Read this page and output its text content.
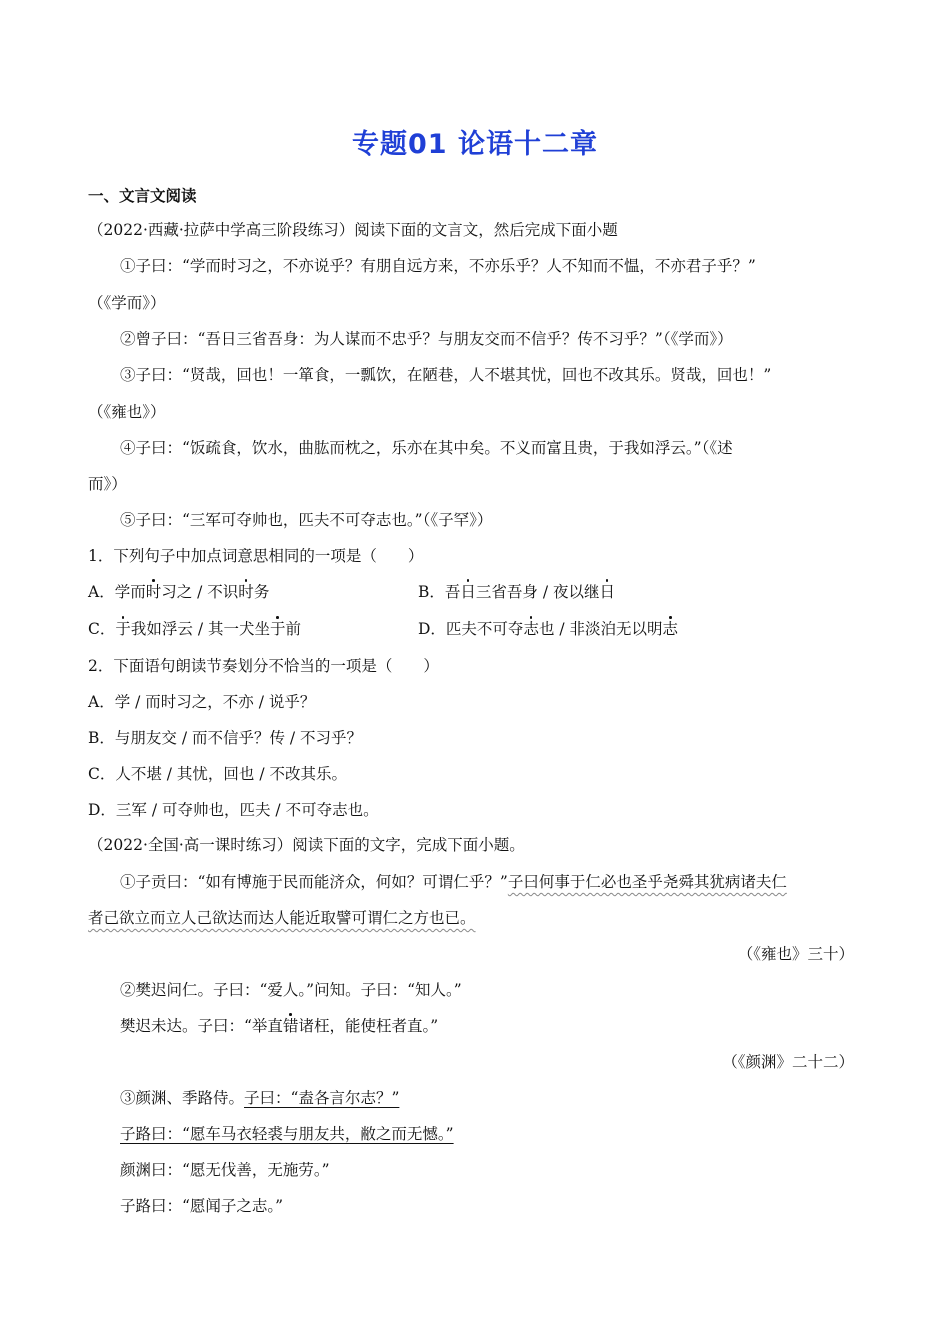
专题01 论语十二章
一、文言文阅读
（2022·西藏·拉萨中学高三阶段练习）阅读下面的文言文，然后完成下面小题
①子曰：“学而时习之，不亦说乎？有朋自远方来，不亦乐乎？人不知而不愠，不亦君子乎？”
（《学而》）
②曾子曰：“吾日三省吾身：为人谋而不忠乎？与朋友交而不信乎？传不习乎？”（《学而》）
③子曰：“贤哉，回也！一箪食，一瓢饮，在陋巷，人不堪其忧，回也不改其乐。贤哉，回也！”
（《雍也》）
④子曰：“饭疏食，饮水，曲肱而枕之，乐亦在其中矣。不义而富且贵，于我如浮云。”（《述
而》）
⑤子曰：“三军可夺帅也，匹夫不可夺志也。”（《子罕》）
1．下列句子中加点词意思相同的一项是（　　）
A．学而时习之 / 不识时务	B．吾日三省吾身 / 夜以继日
C．于我如浮云 / 其一犬坐于前	D．匹夫不可夺志也 / 非淡泊无以明志
2．下面语句朗读节奏划分不恰当的一项是（　　）
A．学 / 而时习之，不亦 / 说乎？
B．与朋友交 / 而不信乎？传 / 不习乎？
C．人不堪 / 其忧，回也 / 不改其乐。
D．三军 / 可夺帅也，匹夫 / 不可夺志也。
（2022·全国·高一课时练习）阅读下面的文字，完成下面小题。
①子贡曰：“如有博施于民而能济众，何如？可谓仁乎？”子曰何事于仁必也圣乎尧舜其犹病诸夫仁
者己欲立而立人己欲达而达人能近取譬可谓仁之方也已。
（《雍也》三十）
②樊迟问仁。子曰：“爱人。”问知。子曰：“知人。”
樊迟未达。子曰：“举直错诸枉，能使枉者直。”
（《颜渊》二十二）
③颜渊、季路侍。子曰：“盍各言尔志？”
子路曰：“愿车马衣轻裘与朋友共，敝之而无憾。”
颜渊曰：“愿无伐善，无施劳。”
子路曰：“愿闻子之志。”
